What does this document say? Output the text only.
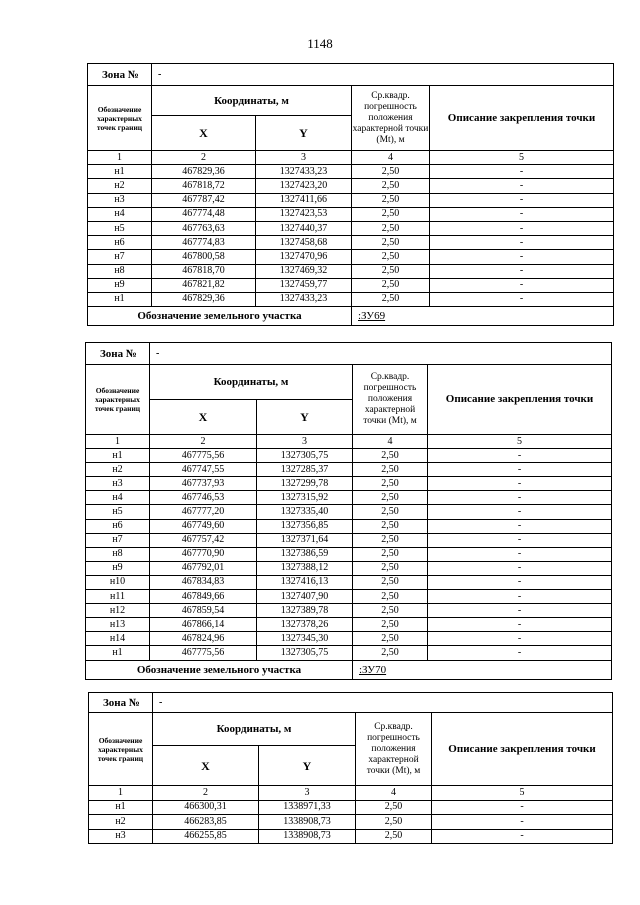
1148
Зона №	-			
Обозначение характерных точек границ	Координаты, м		Ср.квадр. погрешность положения характерной точки (Mt), м	Описание закрепления точки
	X	Y		
1	2	3	4	5
н1	467829,36	1327433,23	2,50	-
н2	467818,72	1327423,20	2,50	-
н3	467787,42	1327411,66	2,50	-
н4	467774,48	1327423,53	2,50	-
н5	467763,63	1327440,37	2,50	-
н6	467774,83	1327458,68	2,50	-
н7	467800,58	1327470,96	2,50	-
н8	467818,70	1327469,32	2,50	-
н9	467821,82	1327459,77	2,50	-
н1	467829,36	1327433,23	2,50	-
Обозначение земельного участка			:ЗУ69	
Зона №	-			
Обозначение характерных точек границ	Координаты, м		Ср.квадр. погрешность положения характерной точки (Mt), м	Описание закрепления точки
	X	Y		
1	2	3	4	5
н1	467775,56	1327305,75	2,50	-
н2	467747,55	1327285,37	2,50	-
н3	467737,93	1327299,78	2,50	-
н4	467746,53	1327315,92	2,50	-
н5	467777,20	1327335,40	2,50	-
н6	467749,60	1327356,85	2,50	-
н7	467757,42	1327371,64	2,50	-
н8	467770,90	1327386,59	2,50	-
н9	467792,01	1327388,12	2,50	-
н10	467834,83	1327416,13	2,50	-
н11	467849,66	1327407,90	2,50	-
н12	467859,54	1327389,78	2,50	-
н13	467866,14	1327378,26	2,50	-
н14	467824,96	1327345,30	2,50	-
н1	467775,56	1327305,75	2,50	-
Обозначение земельного участка			:ЗУ70	
Зона №	-			
Обозначение характерных точек границ	Координаты, м		Ср.квадр. погрешность положения характерной точки (Mt), м	Описание закрепления точки
	X	Y		
1	2	3	4	5
н1	466300,31	1338971,33	2,50	-
н2	466283,85	1338908,73	2,50	-
н3	466255,85	1338908,73	2,50	-
